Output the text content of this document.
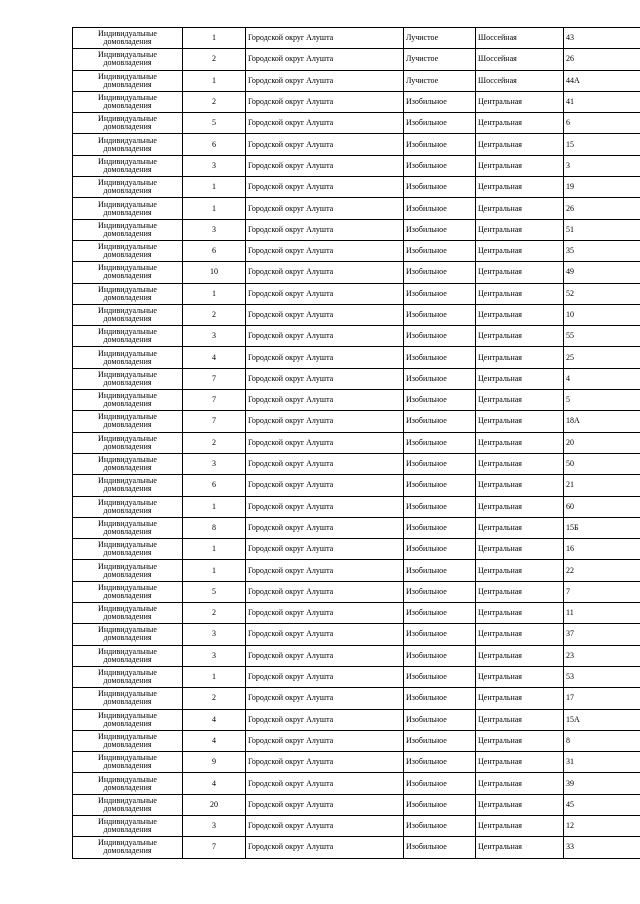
Индивидуальные
домовладения	1	Городской округ Алушта	Лучистое	Шоссейная	43

Индивидуальные
домовладения	2	Городской округ Алушта	Лучистое	Шоссейная	26

Индивидуальные
домовладения	1	Городской округ Алушта	Лучистое	Шоссейная	44А

Индивидуальные
домовладения	2	Городской округ Алушта	Изобильное	Центральная	41

Индивидуальные
домовладения	5	Городской округ Алушта	Изобильное	Центральная	6

Индивидуальные
домовладения	6	Городской округ Алушта	Изобильное	Центральная	15

Индивидуальные
домовладения	3	Городской округ Алушта	Изобильное	Центральная	3

Индивидуальные
домовладения	1	Городской округ Алушта	Изобильное	Центральная	19

Индивидуальные
домовладения	1	Городской округ Алушта	Изобильное	Центральная	26

Индивидуальные
домовладения	3	Городской округ Алушта	Изобильное	Центральная	51

Индивидуальные
домовладения	6	Городской округ Алушта	Изобильное	Центральная	35

Индивидуальные
домовладения	10	Городской округ Алушта	Изобильное	Центральная	49

Индивидуальные
домовладения	1	Городской округ Алушта	Изобильное	Центральная	52

Индивидуальные
домовладения	2	Городской округ Алушта	Изобильное	Центральная	10

Индивидуальные
домовладения	3	Городской округ Алушта	Изобильное	Центральная	55

Индивидуальные
домовладения	4	Городской округ Алушта	Изобильное	Центральная	25

Индивидуальные
домовладения	7	Городской округ Алушта	Изобильное	Центральная	4

Индивидуальные
домовладения	7	Городской округ Алушта	Изобильное	Центральная	5

Индивидуальные
домовладения	7	Городской округ Алушта	Изобильное	Центральная	18А

Индивидуальные
домовладения	2	Городской округ Алушта	Изобильное	Центральная	20

Индивидуальные
домовладения	3	Городской округ Алушта	Изобильное	Центральная	50

Индивидуальные
домовладения	6	Городской округ Алушта	Изобильное	Центральная	21

Индивидуальные
домовладения	1	Городской округ Алушта	Изобильное	Центральная	60

Индивидуальные
домовладения	8	Городской округ Алушта	Изобильное	Центральная	15Б

Индивидуальные
домовладения	1	Городской округ Алушта	Изобильное	Центральная	16

Индивидуальные
домовладения	1	Городской округ Алушта	Изобильное	Центральная	22

Индивидуальные
домовладения	5	Городской округ Алушта	Изобильное	Центральная	7

Индивидуальные
домовладения	2	Городской округ Алушта	Изобильное	Центральная	11

Индивидуальные
домовладения	3	Городской округ Алушта	Изобильное	Центральная	37

Индивидуальные
домовладения	3	Городской округ Алушта	Изобильное	Центральная	23

Индивидуальные
домовладения	1	Городской округ Алушта	Изобильное	Центральная	53

Индивидуальные
домовладения	2	Городской округ Алушта	Изобильное	Центральная	17

Индивидуальные
домовладения	4	Городской округ Алушта	Изобильное	Центральная	15А

Индивидуальные
домовладения	4	Городской округ Алушта	Изобильное	Центральная	8

Индивидуальные
домовладения	9	Городской округ Алушта	Изобильное	Центральная	31

Индивидуальные
домовладения	4	Городской округ Алушта	Изобильное	Центральная	39

Индивидуальные
домовладения	20	Городской округ Алушта	Изобильное	Центральная	45

Индивидуальные
домовладения	3	Городской округ Алушта	Изобильное	Центральная	12

Индивидуальные
домовладения	7	Городской округ Алушта	Изобильное	Центральная	33
